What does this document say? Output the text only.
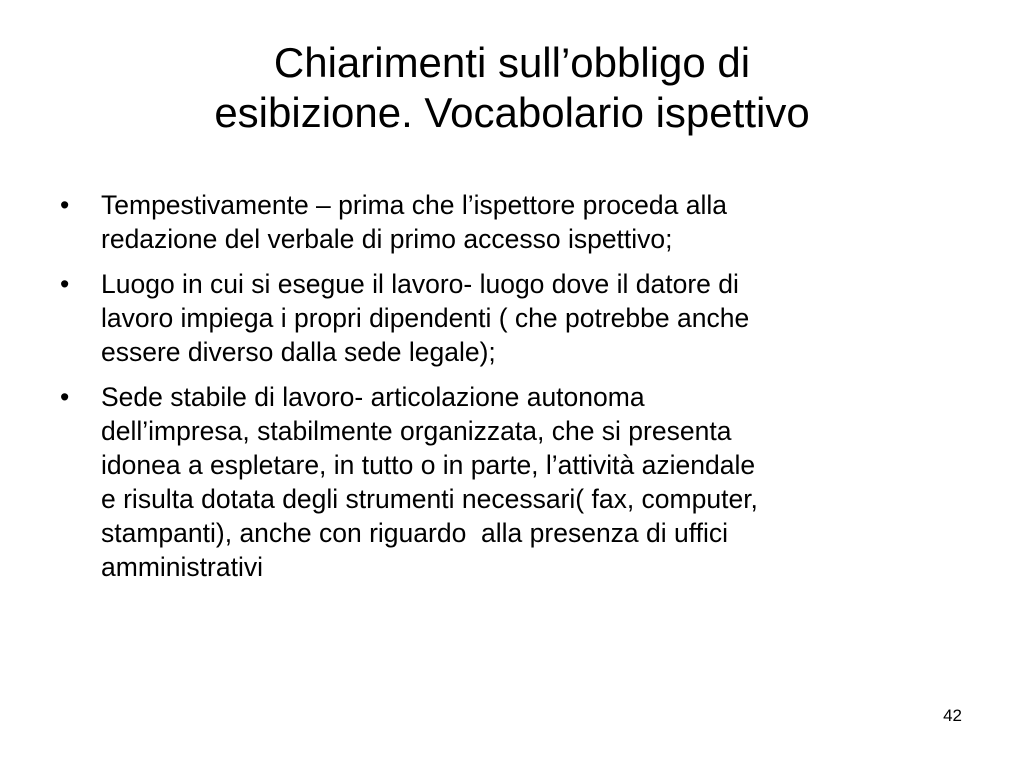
Chiarimenti sull’obbligo di
esibizione. Vocabolario ispettivo
•	Tempestivamente – prima che l’ispettore proceda alla
redazione del verbale di primo accesso ispettivo;
•	Luogo in cui si esegue il lavoro- luogo dove il datore di
lavoro impiega i propri dipendenti ( che potrebbe anche
essere diverso dalla sede legale);
•	Sede stabile di lavoro- articolazione autonoma
dell’impresa, stabilmente organizzata, che si presenta
idonea a espletare, in tutto o in parte, l’attività aziendale
e risulta dotata degli strumenti necessari( fax, computer,
stampanti), anche con riguardo  alla presenza di uffici
amministrativi
42
